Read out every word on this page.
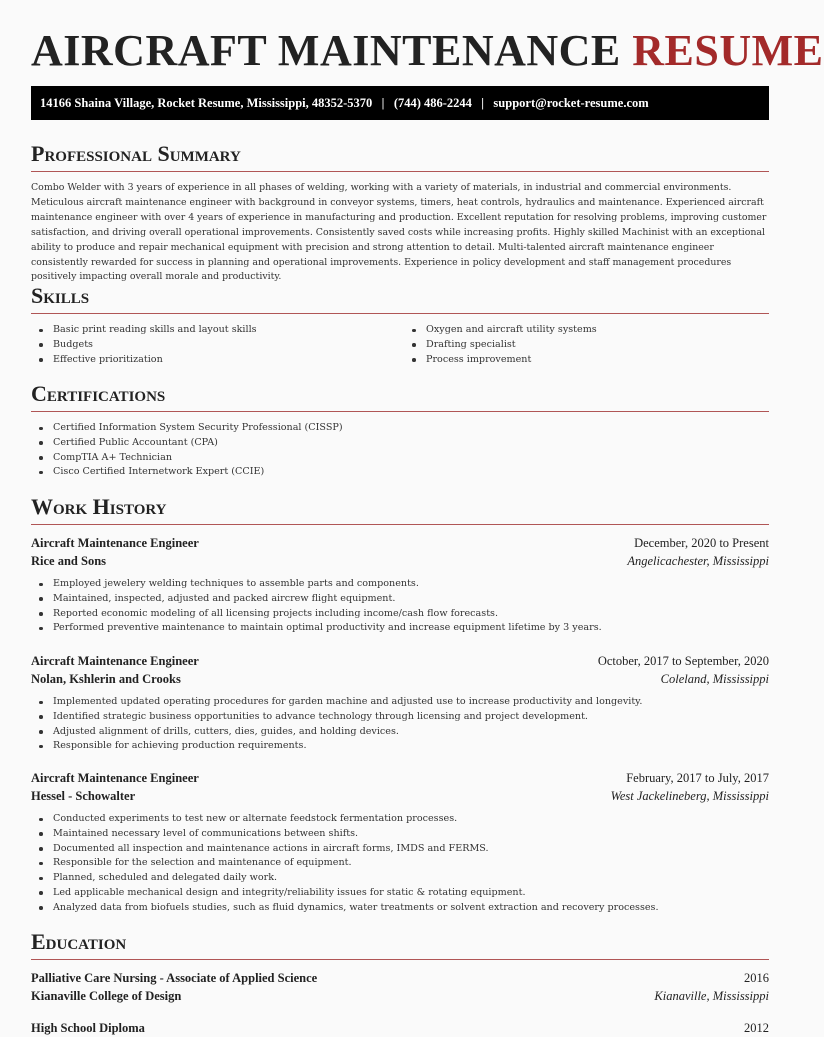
AIRCRAFT MAINTENANCE RESUME
14166 Shaina Village, Rocket Resume, Mississippi, 48352-5370   |   (744) 486-2244   |   support@rocket-resume.com
Professional Summary

Combo Welder with 3 years of experience in all phases of welding, working with a variety of materials, in industrial and commercial environments. Meticulous aircraft maintenance engineer with background in conveyor systems, timers, heat controls, hydraulics and maintenance. Experienced aircraft maintenance engineer with over 4 years of experience in manufacturing and production. Excellent reputation for resolving problems, improving customer satisfaction, and driving overall operational improvements. Consistently saved costs while increasing profits. Highly skilled Machinist with an exceptional ability to produce and repair mechanical equipment with precision and strong attention to detail. Multi-talented aircraft maintenance engineer consistently rewarded for success in planning and operational improvements. Experience in policy development and staff management procedures positively impacting overall morale and productivity.

Skills
Basic print reading skills and layout skills
Budgets
Effective prioritization
Oxygen and aircraft utility systems
Drafting specialist
Process improvement
Certifications
Certified Information System Security Professional (CISSP)
Certified Public Accountant (CPA)
CompTIA A+ Technician
Cisco Certified Internetwork Expert (CCIE)
Work History
Aircraft Maintenance Engineer	December, 2020 to Present
Rice and Sons	Angelicachester, Mississippi
Employed jewelery welding techniques to assemble parts and components.
Maintained, inspected, adjusted and packed aircrew flight equipment.
Reported economic modeling of all licensing projects including income/cash flow forecasts.
Performed preventive maintenance to maintain optimal productivity and increase equipment lifetime by 3 years.
Aircraft Maintenance Engineer	October, 2017 to September, 2020
Nolan, Kshlerin and Crooks	Coleland, Mississippi
Implemented updated operating procedures for garden machine and adjusted use to increase productivity and longevity.
Identified strategic business opportunities to advance technology through licensing and project development.
Adjusted alignment of drills, cutters, dies, guides, and holding devices.
Responsible for achieving production requirements.
Aircraft Maintenance Engineer	February, 2017 to July, 2017
Hessel - Schowalter	West Jackelineberg, Mississippi
Conducted experiments to test new or alternate feedstock fermentation processes.
Maintained necessary level of communications between shifts.
Documented all inspection and maintenance actions in aircraft forms, IMDS and FERMS.
Responsible for the selection and maintenance of equipment.
Planned, scheduled and delegated daily work.
Led applicable mechanical design and integrity/reliability issues for static & rotating equipment.
Analyzed data from biofuels studies, such as fluid dynamics, water treatments or solvent extraction and recovery processes.
Education
Palliative Care Nursing - Associate of Applied Science	2016
Kianaville College of Design	Kianaville, Mississippi
High School Diploma	2012
